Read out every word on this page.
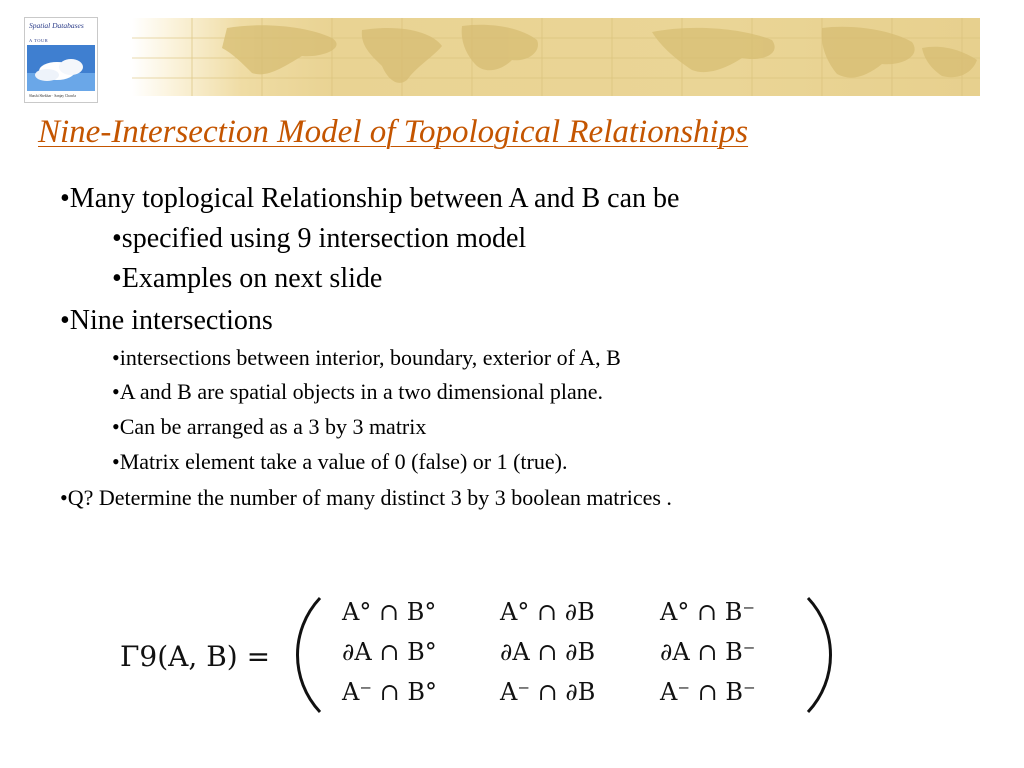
Spatial Databases
A TOUR
Shashi Shekhar · Sanjay Chawla
Nine-Intersection Model of Topological Relationships
•Many toplogical Relationship between A and B can be
•specified using 9 intersection model
•Examples on next slide
•Nine intersections
•intersections between interior, boundary, exterior of A, B
•A and B are spatial objects in a two dimensional plane.
•Can be arranged as a 3 by 3 matrix
•Matrix element take a value of 0 (false) or 1 (true).
•Q? Determine the number of many distinct 3 by 3 boolean matrices .
Γ9(A, B) =
A° ∩ B°	A° ∩ ∂B	A° ∩ B⁻
∂A ∩ B°	∂A ∩ ∂B	∂A ∩ B⁻
A⁻ ∩ B°	A⁻ ∩ ∂B	A⁻ ∩ B⁻
